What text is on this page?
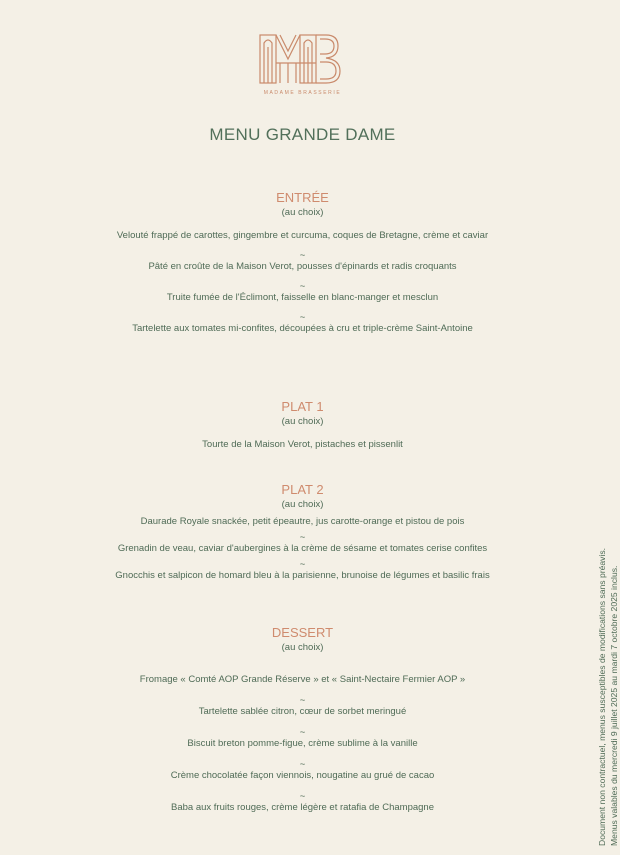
MADAME BRASSERIE
MENU GRANDE DAME
ENTRÉE
(au choix)
Velouté frappé de carottes, gingembre et curcuma, coques de Bretagne, crème et caviar
~
Pâté en croûte de la Maison Verot, pousses d'épinards et radis croquants
~
Truite fumée de l'Éclimont, faisselle en blanc-manger et mesclun
~
Tartelette aux tomates mi-confites, découpées à cru et triple-crème Saint-Antoine
PLAT 1
(au choix)
Tourte de la Maison Verot, pistaches et pissenlit
PLAT 2
(au choix)
Daurade Royale snackée, petit épeautre, jus carotte-orange et pistou de pois
~
Grenadin de veau, caviar d'aubergines à la crème de sésame et tomates cerise confites
~
Gnocchis et salpicon de homard bleu à la parisienne, brunoise de légumes et basilic frais
DESSERT
(au choix)
Fromage « Comté AOP Grande Réserve » et « Saint-Nectaire Fermier AOP »
~
Tartelette sablée citron, cœur de sorbet meringué
~
Biscuit breton pomme-figue, crème sublime à la vanille
~
Crème chocolatée façon viennois, nougatine au grué de cacao
~
Baba aux fruits rouges, crème légère et ratafia de Champagne	Document non contractuel, menus susceptibles de modifications sans préavis. Menus valables du mercredi 9 juillet 2025 au mardi 7 octobre 2025 inclus.
